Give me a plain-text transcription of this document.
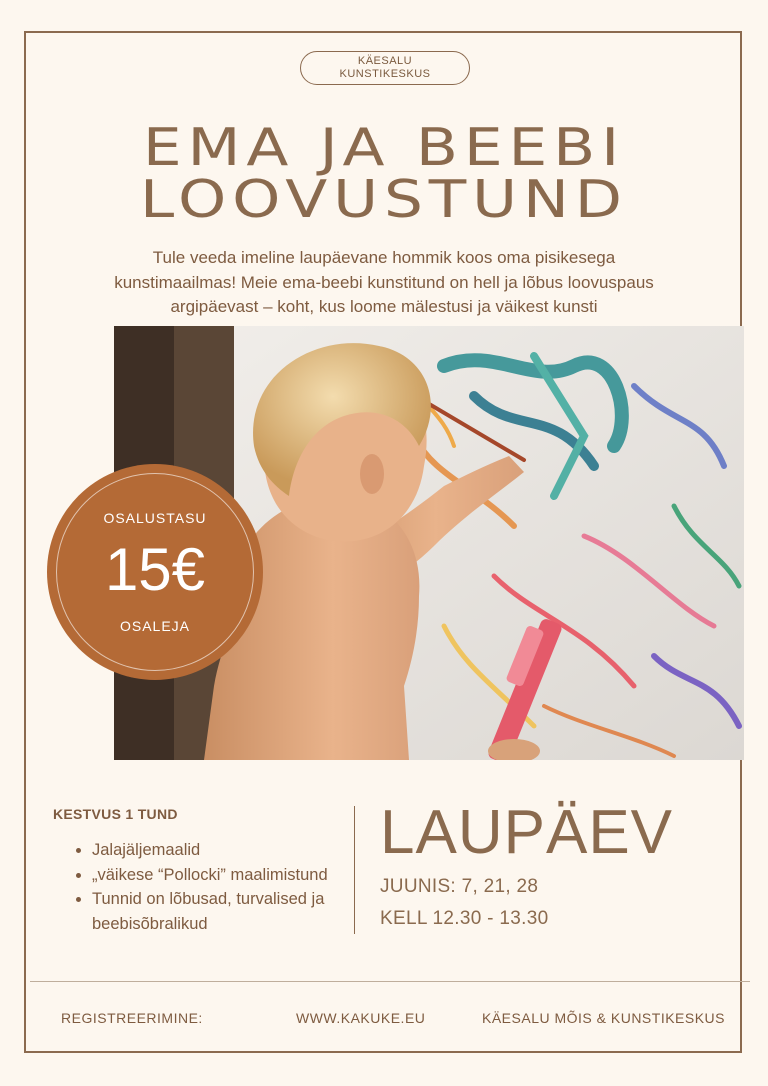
KÄESALU
KUNSTIKESKUS
EMA JA BEEBI
LOOVUSTUND
Tule veeda imeline laupäevane hommik koos oma pisikesega
kunstimaailmas! Meie ema-beebi kunstitund on hell ja lõbus loovuspaus
argipäevast – koht, kus loome mälestusi ja väikest kunsti
OSALUSTASU
15€
OSALEJA
KESTVUS 1 TUND
• Jalajäljemaalid
• „väikese “Pollocki” maalimistund
• Tunnid on lõbusad, turvalised ja beebisõbralikud
LAUPÄEV
JUUNIS: 7, 21, 28
KELL 12.30 - 13.30
REGISTREERIMINE:	WWW.KAKUKE.EU	KÄESALU MÕIS & KUNSTIKESKUS
